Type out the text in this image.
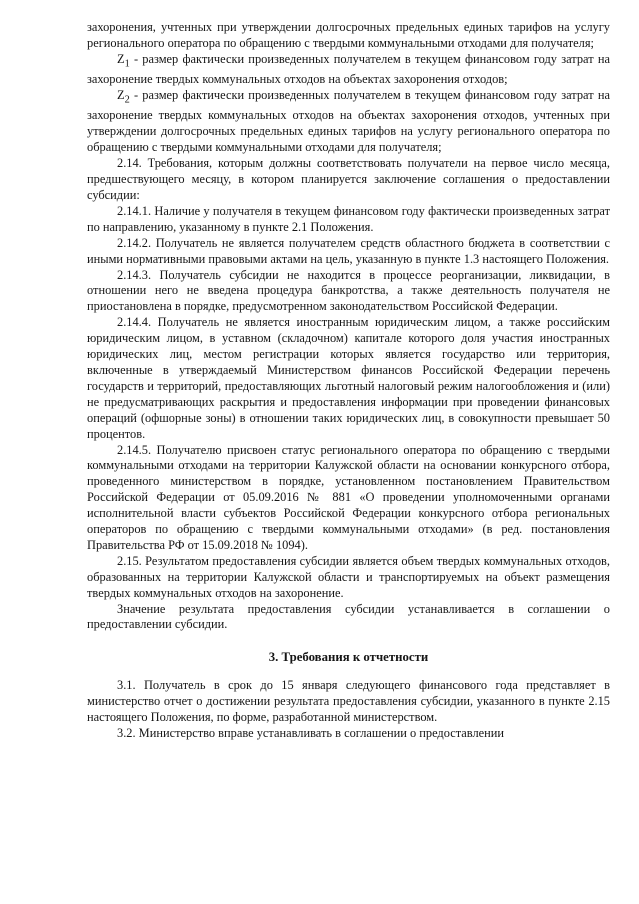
захоронения, учтенных при утверждении долгосрочных предельных единых тарифов на услугу регионального оператора по обращению с твердыми коммунальными отходами для получателя;

$Z_1$ - размер фактически произведенных получателем в текущем финансовом году затрат на захоронение твердых коммунальных отходов на объектах захоронения отходов;

$Z_2$ - размер фактически произведенных получателем в текущем финансовом году затрат на захоронение твердых коммунальных отходов на объектах захоронения отходов, учтенных при утверждении долгосрочных предельных единых тарифов на услугу регионального оператора по обращению с твердыми коммунальными отходами для получателя;

2.14. Требования, которым должны соответствовать получатели на первое число месяца, предшествующего месяцу, в котором планируется заключение соглашения о предоставлении субсидии:

2.14.1. Наличие у получателя в текущем финансовом году фактически произведенных затрат по направлению, указанному в пункте 2.1 Положения.

2.14.2. Получатель не является получателем средств областного бюджета в соответствии с иными нормативными правовыми актами на цель, указанную в пункте 1.3 настоящего Положения.

2.14.3. Получатель субсидии не находится в процессе реорганизации, ликвидации, в отношении него не введена процедура банкротства, а также деятельность получателя не приостановлена в порядке, предусмотренном законодательством Российской Федерации.

2.14.4. Получатель не является иностранным юридическим лицом, а также российским юридическим лицом, в уставном (складочном) капитале которого доля участия иностранных юридических лиц, местом регистрации которых является государство или территория, включенные в утверждаемый Министерством финансов Российской Федерации перечень государств и территорий, предоставляющих льготный налоговый режим налогообложения и (или) не предусматривающих раскрытия и предоставления информации при проведении финансовых операций (офшорные зоны) в отношении таких юридических лиц, в совокупности превышает 50 процентов.

2.14.5. Получателю присвоен статус регионального оператора по обращению с твердыми коммунальными отходами на территории Калужской области на основании конкурсного отбора, проведенного министерством в порядке, установленном постановлением Правительством Российской Федерации от 05.09.2016 № 881 «О проведении уполномоченными органами исполнительной власти субъектов Российской Федерации конкурсного отбора региональных операторов по обращению с твердыми коммунальными отходами» (в ред. постановления Правительства РФ от 15.09.2018 № 1094).

2.15. Результатом предоставления субсидии является объем твердых коммунальных отходов, образованных на территории Калужской области и транспортируемых на объект размещения твердых коммунальных отходов на захоронение.

Значение результата предоставления субсидии устанавливается в соглашении о предоставлении субсидии.

3. Требования к отчетности

3.1. Получатель в срок до 15 января следующего финансового года представляет в министерство отчет о достижении результата предоставления субсидии, указанного в пункте 2.15 настоящего Положения, по форме, разработанной министерством.

3.2. Министерство вправе устанавливать в соглашении о предоставлении
